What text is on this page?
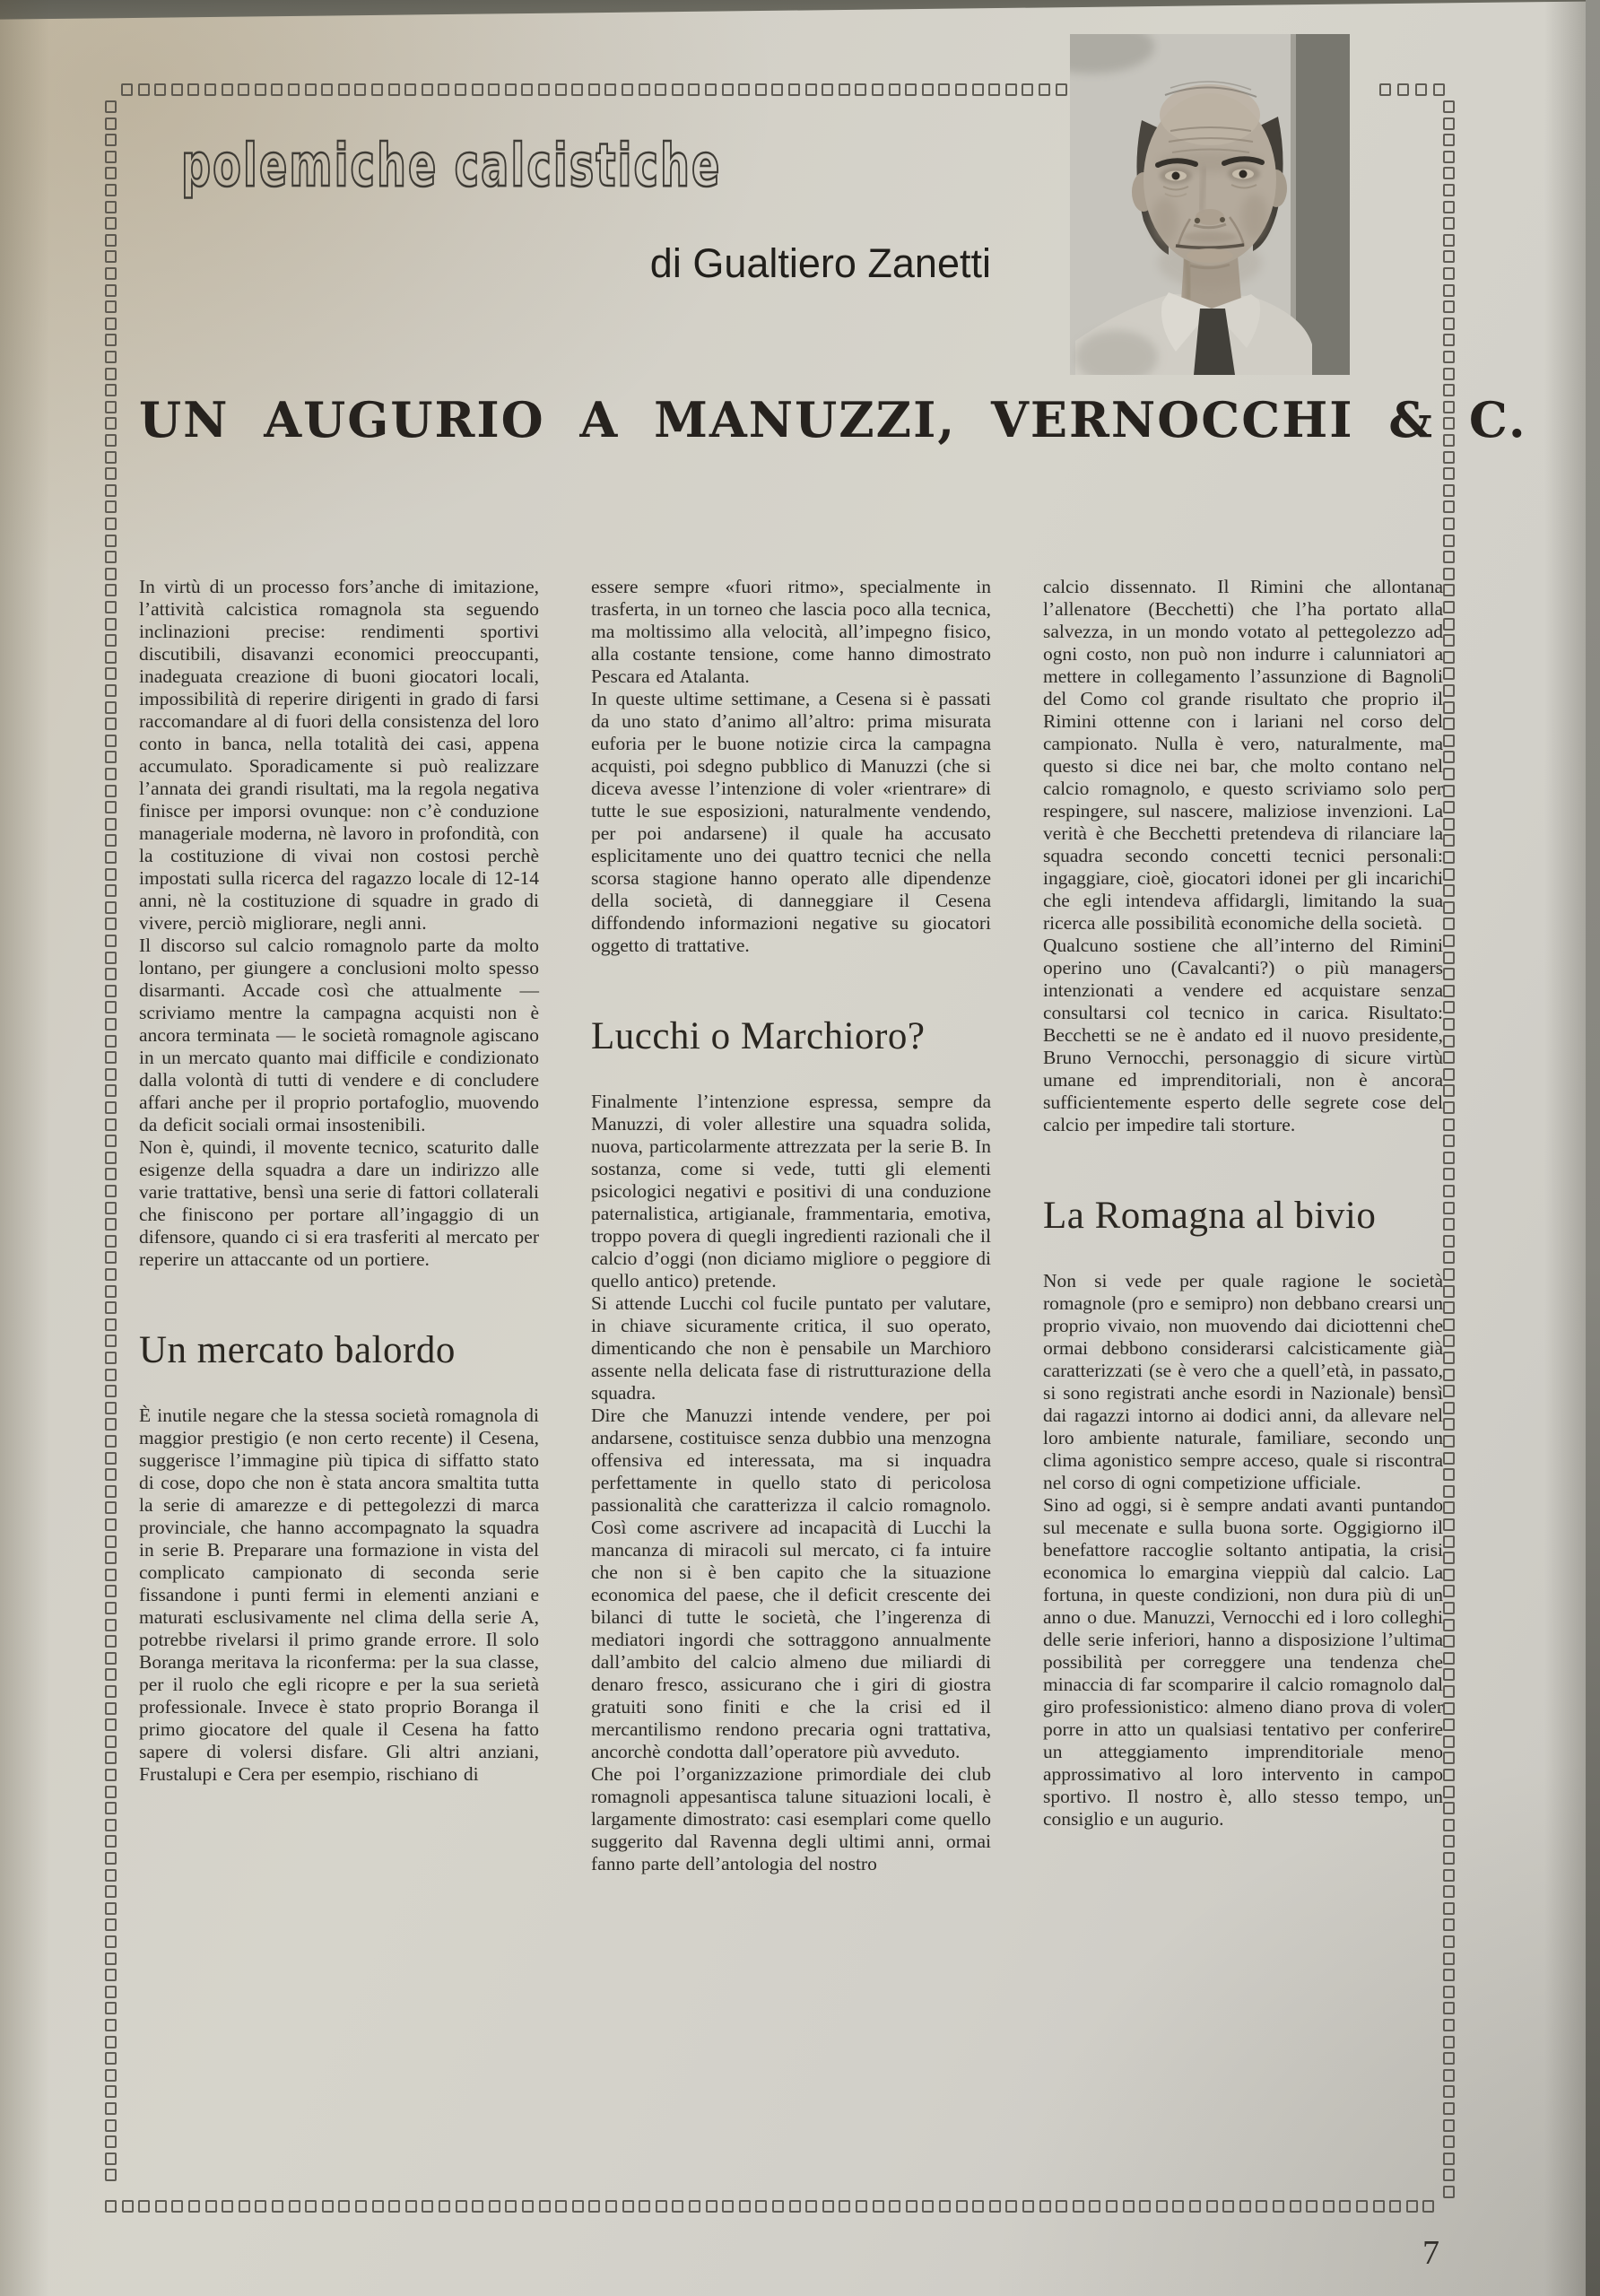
polemiche calcistiche
di Gualtiero Zanetti
UN AUGURIO A MANUZZI, VERNOCCHI & C.

In virtù di un processo fors’anche di imitazione, l’attività calcistica romagnola sta seguendo inclinazioni precise: rendimenti sportivi discutibili, disavanzi economici preoccupanti, inadeguata creazione di buoni giocatori locali, impossibilità di reperire dirigenti in grado di farsi raccomandare al di fuori della consistenza del loro conto in banca, nella totalità dei casi, appena accumulato. Sporadicamente si può realizzare l’annata dei grandi risultati, ma la regola negativa finisce per imporsi ovunque: non c’è conduzione manageriale moderna, nè lavoro in profondità, con la costituzione di vivai non costosi perchè impostati sulla ricerca del ragazzo locale di 12-14 anni, nè la costituzione di squadre in grado di vivere, perciò migliorare, negli anni.

Il discorso sul calcio romagnolo parte da molto lontano, per giungere a conclusioni molto spesso disarmanti. Accade così che attualmente — scriviamo mentre la campagna acquisti non è ancora terminata — le società romagnole agiscano in un mercato quanto mai difficile e condizionato dalla volontà di tutti di vendere e di concludere affari anche per il proprio portafoglio, muovendo da deficit sociali ormai insostenibili.

Non è, quindi, il movente tecnico, scaturito dalle esigenze della squadra a dare un indirizzo alle varie trattative, bensì una serie di fattori collaterali che finiscono per portare all’ingaggio di un difensore, quando ci si era trasferiti al mercato per reperire un attaccante od un portiere.

Un mercato balordo

È inutile negare che la stessa società romagnola di maggior prestigio (e non certo recente) il Cesena, suggerisce l’immagine più tipica di siffatto stato di cose, dopo che non è stata ancora smaltita tutta la serie di amarezze e di pettegolezzi di marca provinciale, che hanno accompagnato la squadra in serie B. Preparare una formazione in vista del complicato campionato di seconda serie fissandone i punti fermi in elementi anziani e maturati esclusivamente nel clima della serie A, potrebbe rivelarsi il primo grande errore. Il solo Boranga meritava la riconferma: per la sua classe, per il ruolo che egli ricopre e per la sua serietà professionale. Invece è stato proprio Boranga il primo giocatore del quale il Cesena ha fatto sapere di volersi disfare. Gli altri anziani, Frustalupi e Cera per esempio, rischiano di

essere sempre «fuori ritmo», specialmente in trasferta, in un torneo che lascia poco alla tecnica, ma moltissimo alla velocità, all’impegno fisico, alla costante tensione, come hanno dimostrato Pescara ed Atalanta.

In queste ultime settimane, a Cesena si è passati da uno stato d’animo all’altro: prima misurata euforia per le buone notizie circa la campagna acquisti, poi sdegno pubblico di Manuzzi (che si diceva avesse l’intenzione di voler «rientrare» di tutte le sue esposizioni, naturalmente vendendo, per poi andarsene) il quale ha accusato esplicitamente uno dei quattro tecnici che nella scorsa stagione hanno operato alle dipendenze della società, di danneggiare il Cesena diffondendo informazioni negative su giocatori oggetto di trattative.

Lucchi o Marchioro?

Finalmente l’intenzione espressa, sempre da Manuzzi, di voler allestire una squadra solida, nuova, particolarmente attrezzata per la serie B. In sostanza, come si vede, tutti gli elementi psicologici negativi e positivi di una conduzione paternalistica, artigianale, frammentaria, emotiva, troppo povera di quegli ingredienti razionali che il calcio d’oggi (non diciamo migliore o peggiore di quello antico) pretende.

Si attende Lucchi col fucile puntato per valutare, in chiave sicuramente critica, il suo operato, dimenticando che non è pensabile un Marchioro assente nella delicata fase di ristrutturazione della squadra.

Dire che Manuzzi intende vendere, per poi andarsene, costituisce senza dubbio una menzogna offensiva ed interessata, ma si inquadra perfettamente in quello stato di pericolosa passionalità che caratterizza il calcio romagnolo. Così come ascrivere ad incapacità di Lucchi la mancanza di miracoli sul mercato, ci fa intuire che non si è ben capito che la situazione economica del paese, che il deficit crescente dei bilanci di tutte le società, che l’ingerenza di mediatori ingordi che sottraggono annualmente dall’ambito del calcio almeno due miliardi di denaro fresco, assicurano che i giri di giostra gratuiti sono finiti e che la crisi ed il mercantilismo rendono precaria ogni trattativa, ancorchè condotta dall’operatore più avveduto.

Che poi l’organizzazione primordiale dei club romagnoli appesantisca talune situazioni locali, è largamente dimostrato: casi esemplari come quello suggerito dal Ravenna degli ultimi anni, ormai fanno parte dell’antologia del nostro

calcio dissennato. Il Rimini che allontana l’allenatore (Becchetti) che l’ha portato alla salvezza, in un mondo votato al pettegolezzo ad ogni costo, non può non indurre i calunniatori a mettere in collegamento l’assunzione di Bagnoli del Como col grande risultato che proprio il Rimini ottenne con i lariani nel corso del campionato. Nulla è vero, naturalmente, ma questo si dice nei bar, che molto contano nel calcio romagnolo, e questo scriviamo solo per respingere, sul nascere, maliziose invenzioni. La verità è che Becchetti pretendeva di rilanciare la squadra secondo concetti tecnici personali: ingaggiare, cioè, giocatori idonei per gli incarichi che egli intendeva affidargli, limitando la sua ricerca alle possibilità economiche della società.

Qualcuno sostiene che all’interno del Rimini operino uno (Cavalcanti?) o più managers intenzionati a vendere ed acquistare senza consultarsi col tecnico in carica. Risultato: Becchetti se ne è andato ed il nuovo presidente, Bruno Vernocchi, personaggio di sicure virtù umane ed imprenditoriali, non è ancora sufficientemente esperto delle segrete cose del calcio per impedire tali storture.

La Romagna al bivio

Non si vede per quale ragione le società romagnole (pro e semipro) non debbano crearsi un proprio vivaio, non muovendo dai diciottenni che ormai debbono considerarsi calcisticamente già caratterizzati (se è vero che a quell’età, in passato, si sono registrati anche esordi in Nazionale) bensì dai ragazzi intorno ai dodici anni, da allevare nel loro ambiente naturale, familiare, secondo un clima agonistico sempre acceso, quale si riscontra nel corso di ogni competizione ufficiale.

Sino ad oggi, si è sempre andati avanti puntando sul mecenate e sulla buona sorte. Oggigiorno il benefattore raccoglie soltanto antipatia, la crisi economica lo emargina vieppiù dal calcio. La fortuna, in queste condizioni, non dura più di un anno o due. Manuzzi, Vernocchi ed i loro colleghi delle serie inferiori, hanno a disposizione l’ultima possibilità per correggere una tendenza che minaccia di far scomparire il calcio romagnolo dal giro professionistico: almeno diano prova di voler porre in atto un qualsiasi tentativo per conferire un atteggiamento imprenditoriale meno approssimativo al loro intervento in campo sportivo. Il nostro è, allo stesso tempo, un consiglio e un augurio.

7
